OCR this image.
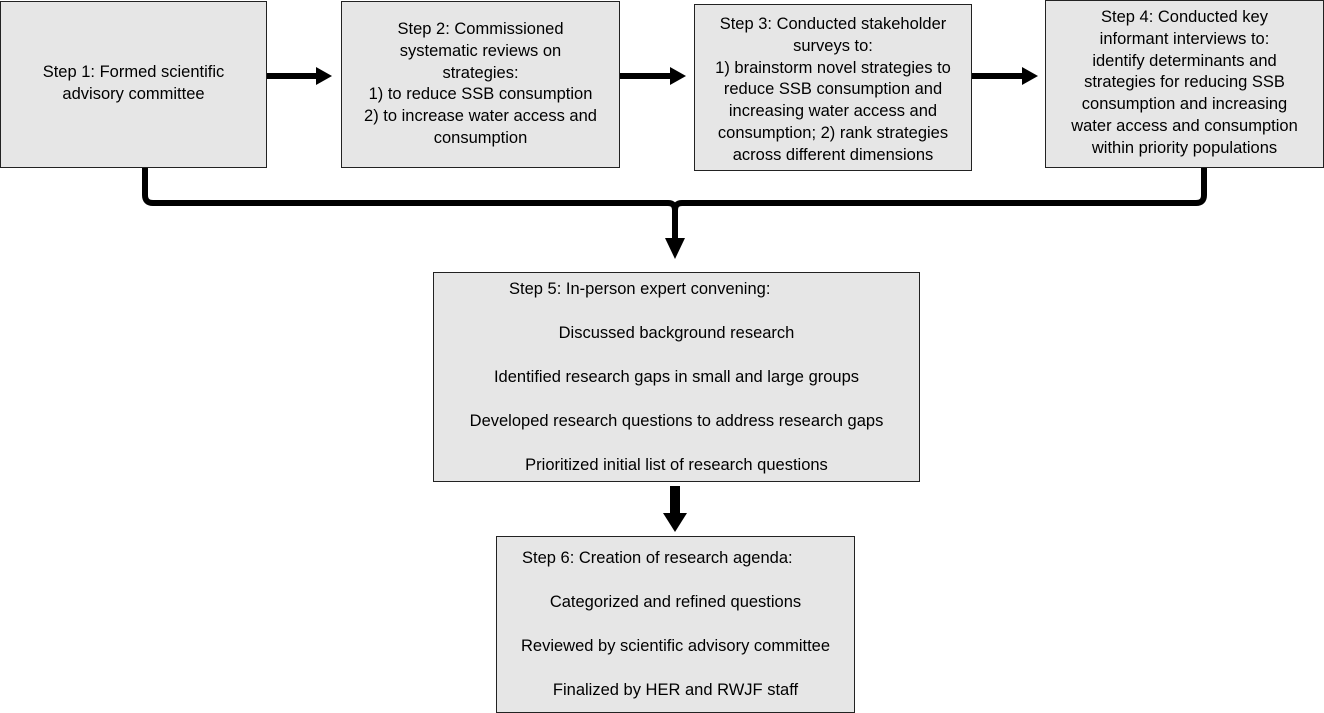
Step 1: Formed scientific
advisory committee
Step 2: Commissioned
systematic reviews on
strategies:
1) to reduce SSB consumption
2) to increase water access and
consumption
Step 3: Conducted stakeholder
surveys to:
1) brainstorm novel strategies to
reduce SSB consumption and
increasing water access and
consumption; 2) rank strategies
across different dimensions
Step 4: Conducted key
informant interviews to:
identify determinants and
strategies for reducing SSB
consumption and increasing
water access and consumption
within priority populations
Step 5: In-person expert convening:
Discussed background research
Identified research gaps in small and large groups
Developed research questions to address research gaps
Prioritized initial list of research questions
Step 6: Creation of research agenda:
Categorized and refined questions
Reviewed by scientific advisory committee
Finalized by HER and RWJF staff
